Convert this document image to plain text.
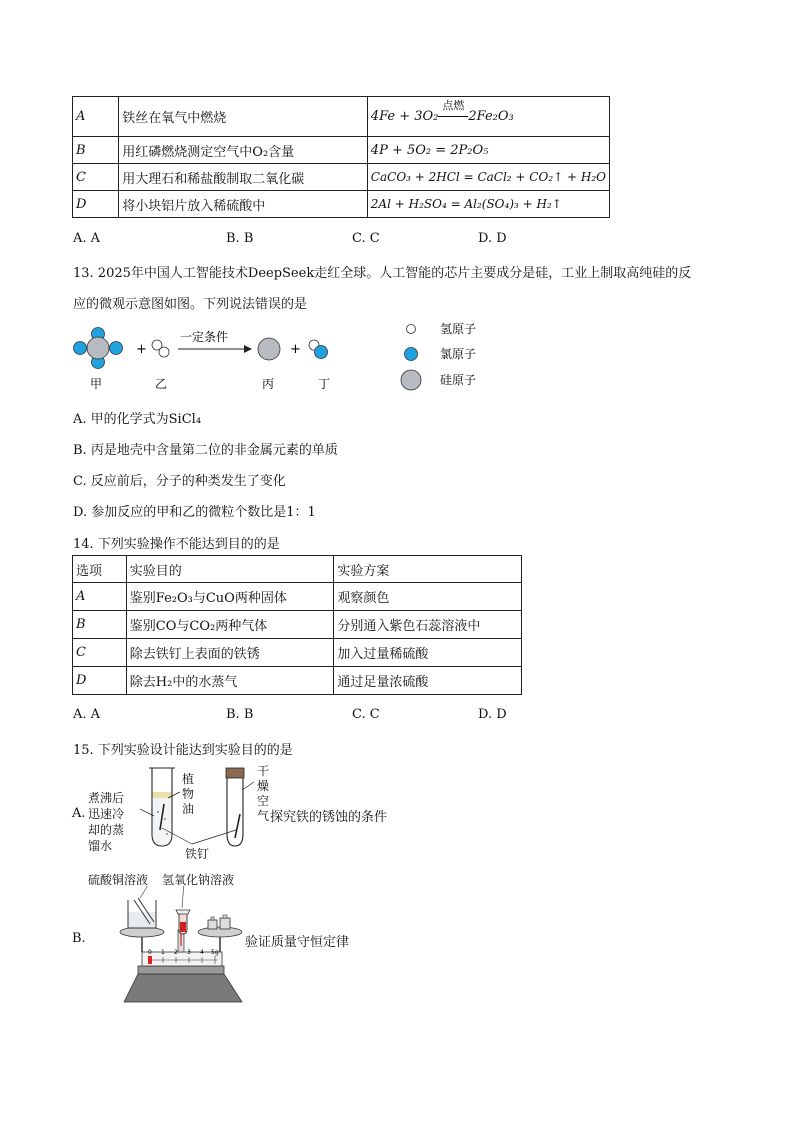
A	铁丝在氧气中燃烧	4Fe + 3O₂
点燃
2Fe₂O₃
B	用红磷燃烧测定空气中O₂含量	4P + 5O₂ = 2P₂O₅
C	用大理石和稀盐酸制取二氧化碳	CaCO₃ + 2HCl = CaCl₂ + CO₂↑ + H₂O
D	将小块铝片放入稀硫酸中	2Al + H₂SO₄ = Al₂(SO₄)₃ + H₂↑
A. A	B. B	C. C	D. D
13. 2025年中国人工智能技术DeepSeek走红全球。人工智能的芯片主要成分是硅，工业上制取高纯硅的反
应的微观示意图如图。下列说法错误的是
+
一定条件
+
甲	乙	丙	丁
氢原子
氯原子
硅原子
A. 甲的化学式为SiCl₄
B. 丙是地壳中含量第二位的非金属元素的单质
C. 反应前后，分子的种类发生了变化
D. 参加反应的甲和乙的微粒个数比是1：1
14. 下列实验操作不能达到目的的是
选项	实验目的	实验方案
A	鉴别Fe₂O₃与CuO两种固体	观察颜色
B	鉴别CO与CO₂两种气体	分别通入紫色石蕊溶液中
C	除去铁钉上表面的铁锈	加入过量稀硫酸
D	除去H₂中的水蒸气	通过足量浓硫酸
A. A	B. B	C. C	D. D
15. 下列实验设计能达到实验目的的是
A.
煮沸后
迅速冷
却的蒸
馏水
植
物
油
干
燥
空
气
铁钉
探究铁的锈蚀的条件
B.
硫酸铜溶液 氢氧化钠溶液
验证质量守恒定律
0 1 2 3 4 5g
